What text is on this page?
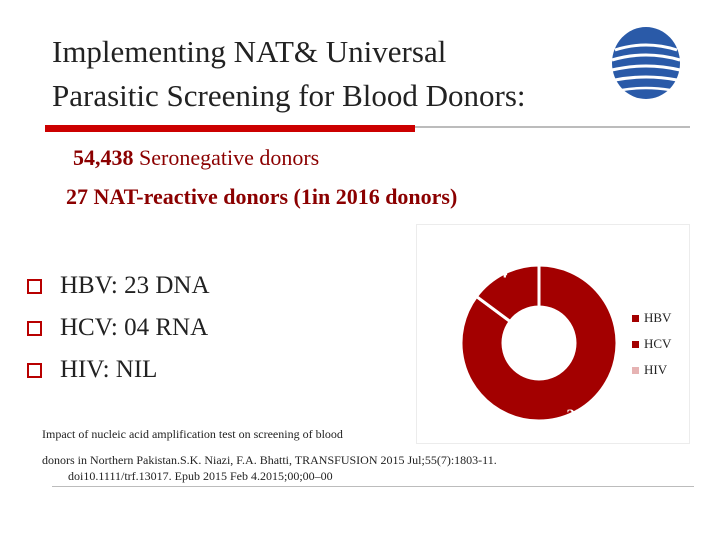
Implementing NAT& Universal
Parasitic Screening for Blood Donors:
54,438 Seronegative donors
27 NAT-reactive donors (1in 2016 donors)
HBV: 23 DNA
HCV: 04 RNA
HIV: NIL
23
4
HBV
HCV
HIV
Impact of nucleic acid amplification test on screening of blood
donors in Northern Pakistan.S.K. Niazi, F.A. Bhatti, TRANSFUSION 2015 Jul;55(7):1803-11.
doi10.1111/trf.13017. Epub 2015 Feb 4.2015;00;00–00
